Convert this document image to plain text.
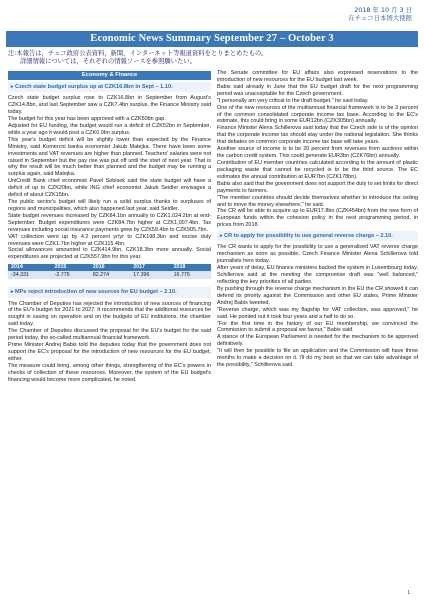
2018 年 10 月 3 日
在チェコ日本国大使館
Economic News Summary September 27 – October 3
注:本報告は，チェコ政府公表資料，新聞，インターネット等報道資料をとりまとめたもの。
詳細情報については，それぞれの情報ソースを参照願いたい。
Economy & Finance
➤ Czech state budget surplus up at CZK16.8bn in Sept – 1.10.

Czech state budget surplus rose to CZK16.8bn in September from August's CZK14.8bn, and last September saw a CZK7.4bn surplus, the Finance Ministry said today.

The budget for this year has been approved with a CZK50bn gap.

Adjusted for EU funding, the budget would run a deficit of CZK52bn in September, while a year ago it would post a CZK0.9bn surplus.

This year's budget deficit will be slightly lower than expected by the Finance Ministry, said Komercni banka economist Jakub Matejka. There have been some investments and VAT revenues are higher than planned. Teachers' salaries were not raised in September but the pay rise was put off until the start of next year. That is why the result will be much better than planned and the budget may be running a surplus again, said Matejka.

UniCredit Bank chief economist Pavel Sobisek said the state budget will have a deficit of up to CZK20bn, while ING chief economist Jakub Seidler envisages a deficit of about CZK15bn.

The public sector's budget will likely run a solid surplus thanks to surpluses of regions and municipalities, which also happened last year, said Seidler.

State budget revenues increased by CZK84.1bn annually to CZK1,024.2bn at end-September. Budget expenditures were CZK84.7bn higher at CZK1,007.4bn. Tax revenues including social insurance payments grew by CZK59.4bn to CZK905.7bn.

VAT collection went up by 4.2 percent yr/yr to CZK198.3bn and excise duty revenues were CZK1.7bn higher at CZK115.4bn.

Social allowances amounted to CZK414.9bn, CZK18.3bn more annually. Social expenditures are projected at CZK557.9bn for this year.

2014	2015	2016	2017	2018
-34.331	-2.775	82.274	17.396	16.775
➤ MPs reject introduction of new sources for EU budget – 2.10.

The Chamber of Deputies has rejected the introduction of new sources of financing of the EU's budget for 2021 to 2027. It recommends that the additional resources be sought in saving on operation and on the budgets of EU institutions, the chamber said today.

The Chamber of Deputies discussed the proposal for the EU's budget for the said period today, the so-called multiannual financial framework.

Prime Minister Andrej Babis told the deputies today that the government does not support the EC's proposal for the introduction of new resources for the EU budget, either.

The measure could bring, among other things, strengthening of the EC's powers in checks of collection of these resources. Moreover, the system of the EU budget's financing would become more complicated, he noted.

The Senate committee for EU affairs also expressed reservations to the introduction of new resources for the EU budget last week.

Babis said already in June that the EU budget draft for the next programming period was unacceptable for the Czech government.

"I personally am very critical to the draft budget," he said today.

One of the new resources of the multiannual financial framework is to be 3 percent of the common consolidated corporate income tax base. According to the EC's estimate, this could bring in some EUR12bn (CZK305bn) annually.

Finance Minister Alena Schillerova said today that the Czech side is of the opinion that the corporate income tax should stay under the national legislation. She thinks that debates on common corporate income tax base will take years.

Another source of income is to be 20 percent from revenues from auctions within the carbon credit system. This could generate EUR3bn (CZK76bn) annually.

Contribution of EU member countries calculated according to the amount of plastic packaging waste that cannot be recycled is to be the third source. The EC estimates the annual contribution at EUR7bn (CZK178bn).

Babis also said that the government does not support the duty to set limits for direct payments to farmers.

"The member countries should decide themselves whether to introduce the ceiling and to move the money elsewhere," he said.

The CR will be able to acquire up to EUR17.8bn (CZK454bn) from the new form of European funds within the cohesion policy in the next programming period, in prices from 2018.

➤ CR to apply for possibility to use general reverse charge – 2.10.

The CR wants to apply for the possibility to use a generalised VAT reverse charge mechanism as soon as possible, Czech Finance Minister Alena Schillerova told journalists here today.

After years of delay, EU finance ministers backed the system in Luxembourg today. Schillerova said at the meeting the compromise draft was "well balanced," reflecting the key priorities of all parties.

By pushing through the reverse charge mechanism in the EU the CR showed it can defend its priority against the Commission and other EU states, Prime Minister Andrej Babis tweeted.

"Reverse charge, which was my flagship for VAT collection, was approved," he said. He pointed out it took four years and a half to do so.

"For the first time in the history of our EU membership, we convinced the Commission to submit a proposal we favour," Babis said.

A stance of the European Parliament is needed for the mechanism to be approved definitively.

"It will then be possible to file an application and the Commission will have three months to make a decision on it. I'll do my best so that we can take advantage of the possibility," Schillerova said.

1
